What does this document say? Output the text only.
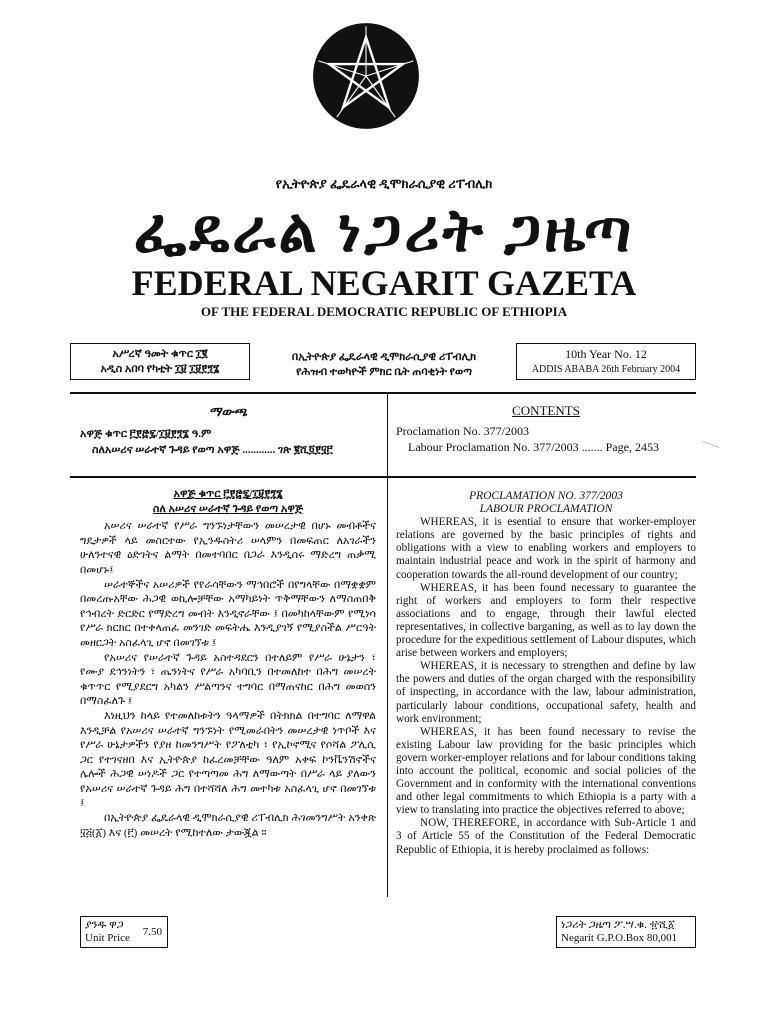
የኢትዮጵያ ፌዴራላዊ ዲሞክራሲያዊ ሪፐብሊክ
ፌዴራል ነጋሪት ጋዜጣ
FEDERAL NEGARIT GAZETA
OF THE FEDERAL DEMOCRATIC REPUBLIC OF ETHIOPIA
አሥረኛ ዓመት ቁጥር ፲፪
አዲስ አበባ የካቲት ፲፱ ፲፱፻፺፮
በኢትዮጵያ ፌዴራላዊ ዲሞክራሲያዊ ሪፐብሊክ
የሕዝብ ተወካዮች ምክር ቤት ጠባቂነት የወጣ
10th Year No. 12
ADDIS ABABA 26th February 2004
ማውጫ
አዋጅ ቁጥር ፫፻፸፯/፲፱፻፺፮ ዓ.ም
ስለአሠሪና ሠራተኛ ጉዳይ የወጣ አዋጅ ............ ገጽ ፪ሺ፬፻፶፫
CONTENTS
Proclamation No. 377/2003
Labour Proclamation No. 377/2003 ....... Page, 2453
አዋጅ ቁጥር ፫፻፸፯/፲፱፻፺፮
ስለ አሠሪና ሠራተኛ ጉዳይ የወጣ አዋጅ

አሠሪና ሠራተኛ የሥራ ግንኙነታቸውን መሠረታዊ በሆኑ መብቶችና ግዴታዎች ላይ መስርተው የኢንዱስትሪ ሠላምን በመፍጠር ለአገራችን ሁለንተናዊ ዕድገትና ልማት በመተባበር በጋራ እንዲሰሩ ማድረግ ጠቃሚ በመሆኑ፤

ሠራተኞችና አሠሪዎች የየራሳቸውን ማኅበሮች በየግላቸው በማቋቋም በመረጡአቸው ሕጋዊ ወኪሎቻቸው አማካይነት ጥቅማቸውን ለማስጠበቅ የኅብረት ድርድር የማድረግ መብት እንዲኖራቸው ፤ በመካከላቸውም የሚነሳ የሥራ ክርክር በተቀላጠፈ መንገድ መፍትሔ እንዲያገኝ የሚያስችል ሥርዓት መዘርጋት አስፈላጊ ሆኖ በመገኘቱ ፤

የአሠሪና የሠራተኛ ጉዳይ አስተዳደርን በተለይም የሥራ ሁኔታን ፣ የሙያ ደኅንነትን ፣ ጤንነትና የሥራ አካባቢን በተመለከተ በሕግ መሠረት ቁጥጥር የሚያደርግ አካልን ሥልጣንና ተግባር በማጠናከር በሕግ መወሰን በማስፈለጉ ፤

እነዚህን ከላይ የተመለከቱትን ዓላማዎች በትክክል በተግባር ለማዋል እንዲቻል የአሠሪና ሠራተኛ ግንኙነት የሚመራበትን መሠረታዊ ነጥቦች እና የሥራ ሁኔታዎችን የያዘ ከመንግሥት የፖለቲካ ፣ የኢኮኖሚና የሶሻል ፖሊሲ ጋር የተገናዘበ እና ኢትዮጵያ ከፈረመቻቸው ዓለም አቀፍ ኮንቬንሽኖችና ሌሎች ሕጋዊ ሠነዶች ጋር የተጣጣመ ሕግ ለማውጣት በሥራ ላይ ያለውን የአሠሪና ሠራተኛ ጉዳይ ሕግ በተሻሻለ ሕግ መተካቱ አስፈላጊ ሆኖ በመገኘቱ ፤

በኢትዮጵያ ፌዴራላዊ ዲሞክራሲያዊ ሪፐብሊክ ሕገመንግሥት አንቀጽ ፶፭(፩) እና (፫) መሠረት የሚከተለው ታውጇል ።

PROCLAMATION NO. 377/2003
LABOUR PROCLAMATION

WHEREAS, it is esential to ensure that worker-employer relations are governed by the basic principles of rights and obligations with a view to enabling workers and employers to maintain industrial peace and work in the spirit of harmony and cooperation towards the all-round development of our country;

WHEREAS, it has been found necessary to guarantee the right of workers and employers to form their respective associations and to engage, through their lawful elected representatives, in collective barganing, as well as to lay down the procedure for the expeditious settlement of Labour disputes, which arise between workers and employers;

WHEREAS, it is necessary to strengthen and define by law the powers and duties of the organ charged with the responsibility of inspecting, in accordance with the law, labour administration, particularly labour conditions, occupational safety, health and work environment;

WHEREAS, it has been found necessary to revise the existing Labour law providing for the basic principles which govern worker-employer relations and for labour conditions taking into account the political, economic and social policies of the Government and in conformity with the international conventions and other legal commitments to which Ethiopia is a party with a view to translating into practice the objectives referred to above;

NOW, THEREFORE, in accordance with Sub-Article 1 and 3 of Article 55 of the Constitution of the Federal Democratic Republic of Ethiopia, it is hereby proclaimed as follows:

ያንዱ ዋጋ
Unit Price	7.50
ነጋሪት ጋዜጣ ፖ.ሣ.ቁ. ፹ሺ፩
Negarit G.P.O.Box 80,001
